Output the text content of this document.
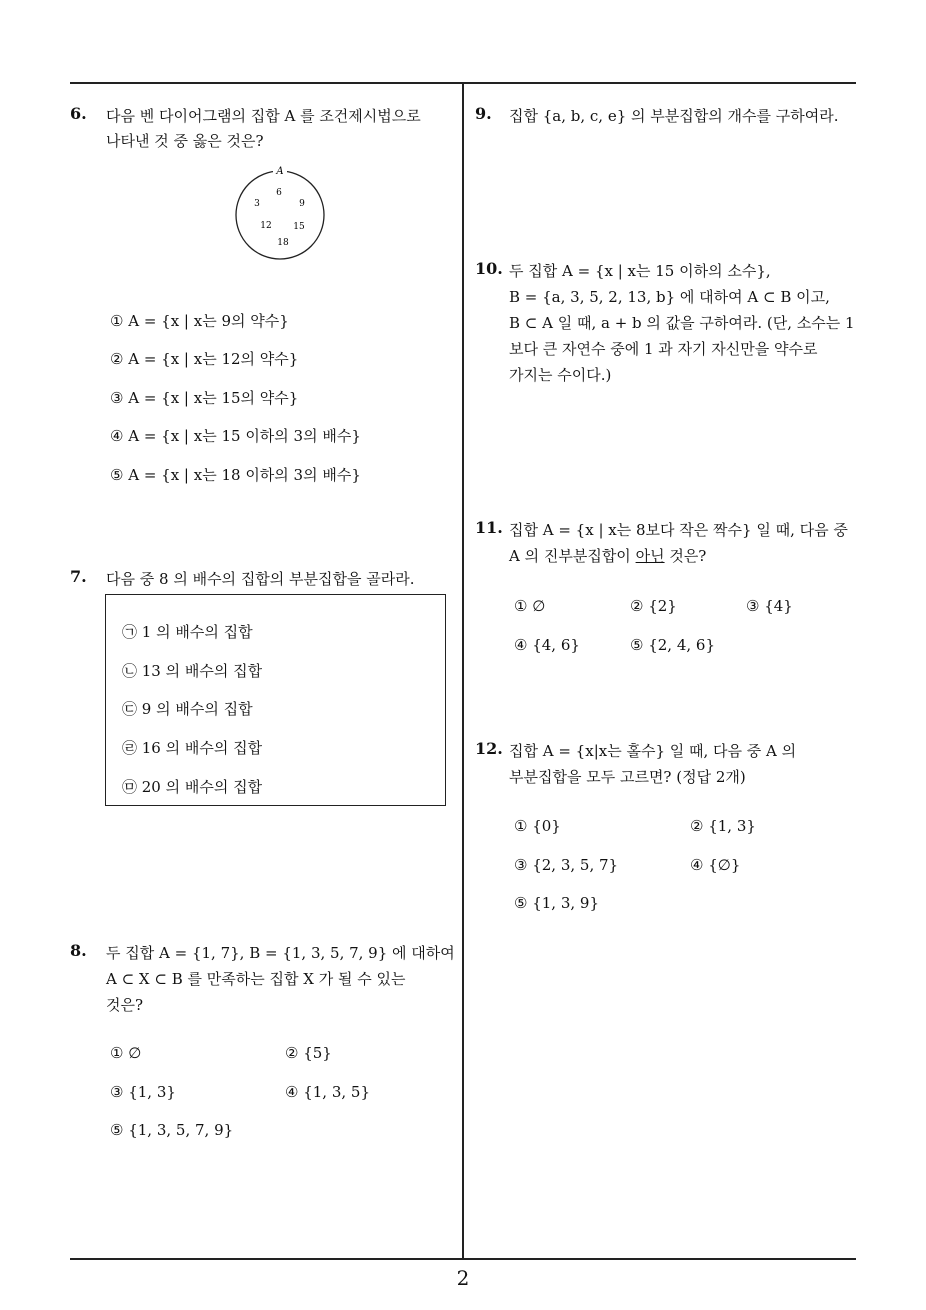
6. 다음 벤 다이어그램의 집합 A 를 조건제시법으로
나타낸 것 중 옳은 것은?
A
6
3	9
12 15
18
① A = {x | x는 9의 약수}
② A = {x | x는 12의 약수}
③ A = {x | x는 15의 약수}
④ A = {x | x는 15 이하의 3의 배수}
⑤ A = {x | x는 18 이하의 3의 배수}
7. 다음 중 8 의 배수의 집합의 부분집합을 골라라.
㉠ 1 의 배수의 집합
㉡ 13 의 배수의 집합
㉢ 9 의 배수의 집합
㉣ 16 의 배수의 집합
㉤ 20 의 배수의 집합
8. 두 집합 A = {1, 7}, B = {1, 3, 5, 7, 9} 에 대하여
A ⊂ X ⊂ B 를 만족하는 집합 X 가 될 수 있는
것은?
① ∅	② {5}
③ {1, 3}	④ {1, 3, 5}
⑤ {1, 3, 5, 7, 9}
9. 집합 {a, b, c, e} 의 부분집합의 개수를 구하여라.
10. 두 집합 A = {x | x는 15 이하의 소수},
B = {a, 3, 5, 2, 13, b} 에 대하여 A ⊂ B 이고,
B ⊂ A 일 때, a + b 의 값을 구하여라. (단, 소수는 1
보다 큰 자연수 중에 1 과 자기 자신만을 약수로
가지는 수이다.)
11. 집합 A = {x | x는 8보다 작은 짝수} 일 때, 다음 중
A 의 진부분집합이 아닌 것은?
① ∅	② {2}	③ {4}
④ {4, 6}	⑤ {2, 4, 6}
12. 집합 A = {x|x는 홀수} 일 때, 다음 중 A 의
부분집합을 모두 고르면? (정답 2개)
① {0}	② {1, 3}
③ {2, 3, 5, 7}	④ {∅}
⑤ {1, 3, 9}
2
